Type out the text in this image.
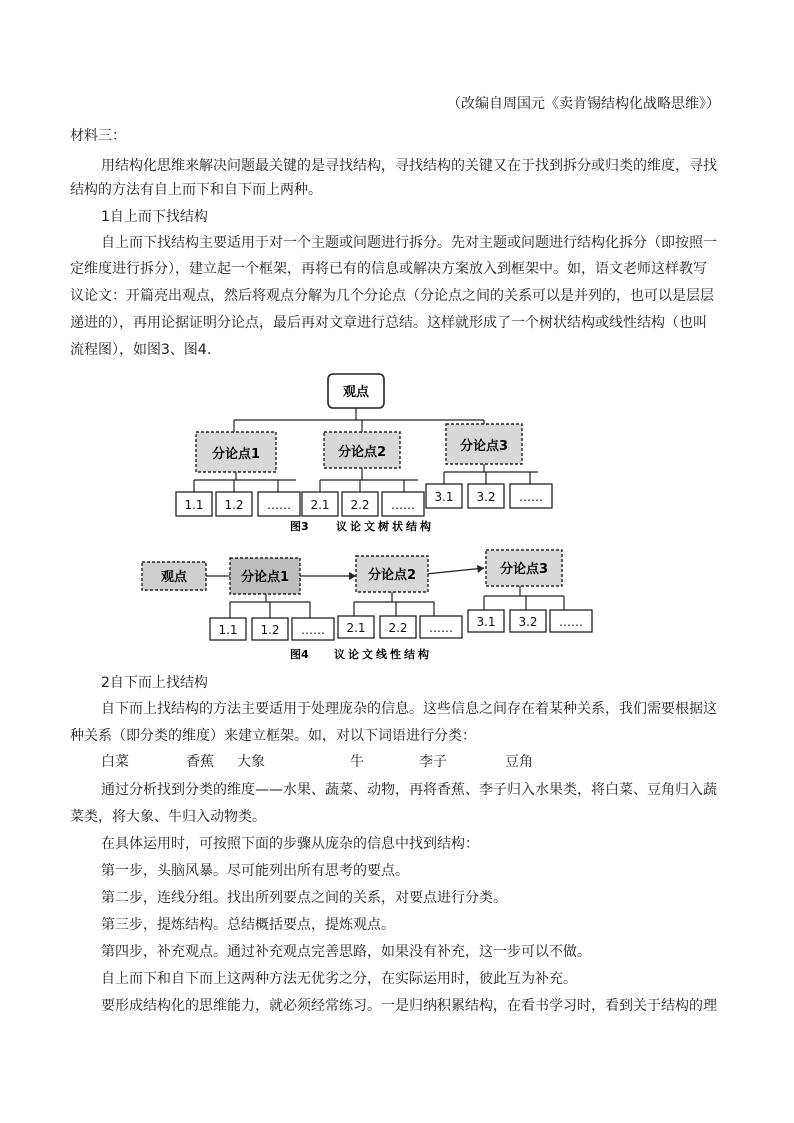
（改编自周国元《卖肯锡结构化战略思维》）
材料三：
用结构化思维来解决问题最关键的是寻找结构，寻找结构的关键又在于找到拆分或归类的维度，寻找
结构的方法有自上而下和自下而上两种。
1自上而下找结构
自上而下找结构主要适用于对一个主题或问题进行拆分。先对主题或问题进行结构化拆分（即按照一
定维度进行拆分），建立起一个框架，再将已有的信息或解决方案放入到框架中。如，语文老师这样教写
议论文：开篇亮出观点，然后将观点分解为几个分论点（分论点之间的关系可以是并列的，也可以是层层
递进的），再用论据证明分论点，最后再对文章进行总结。这样就形成了一个树状结构或线性结构（也叫
流程图），如图3、图4.
观点
分论点1	分论点2	分论点3
1.1 1.2 …… 2.1 2.2 ……
3.1 3.2 ……
图3 议论文树状结构
观点	分论点1	分论点2	分论点3
1.1 1.2 …… 2.1 2.2 …… 3.1 3.2 ……
图4 议论文线性结构
2自下而上找结构
自下而上找结构的方法主要适用于处理庞杂的信息。这些信息之间存在着某种关系，我们需要根据这
种关系（即分类的维度）来建立框架。如，对以下词语进行分类：
白菜	香蕉 大象	牛	李子	豆角
通过分析找到分类的维度——水果、蔬菜、动物，再将香蕉、李子归入水果类，将白菜、豆角归入蔬
菜类，将大象、牛归入动物类。
在具体运用时，可按照下面的步骤从庞杂的信息中找到结构：
第一步，头脑风暴。尽可能列出所有思考的要点。
第二步，连线分组。找出所列要点之间的关系，对要点进行分类。
第三步，提炼结构。总结概括要点，提炼观点。
第四步，补充观点。通过补充观点完善思路，如果没有补充，这一步可以不做。
自上而下和自下而上这两种方法无优劣之分，在实际运用时，彼此互为补充。
要形成结构化的思维能力，就必须经常练习。一是归纳积累结构，在看书学习时，看到关于结构的理
